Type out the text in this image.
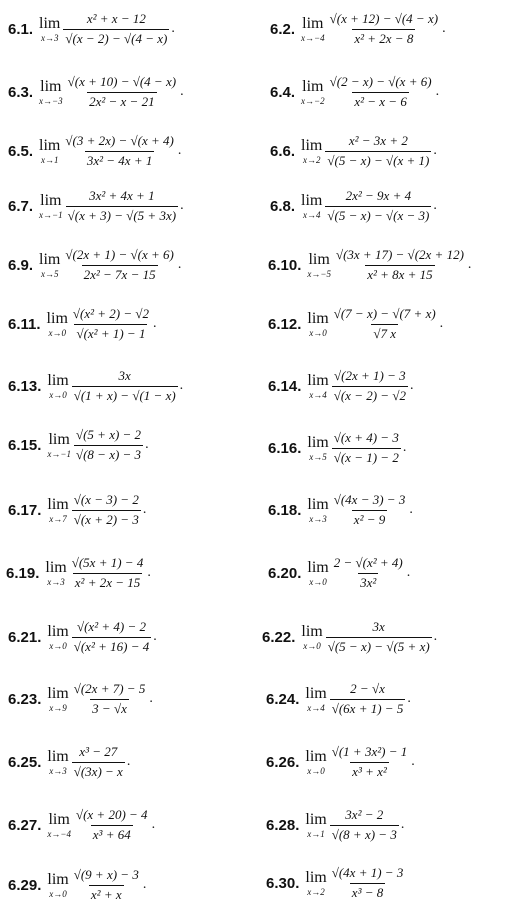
6.1. lim
$x\to 3 \frac{\text{x² + x − 12}}{√(x - 2) - √(4 - x)}$ .
6.3. lim
$x\to-3 \frac{√(x + 10) - √(4 - x)}{\text{2x² − x − 21}}$ .
6.5. lim
$x\to 1 \frac{√(3 + 2x) - √(x + 4)}{\text{3x² − 4x + 1}}$ .
6.7. lim
$x\to-1 \frac{\text{3x² + 4x + 1}}{√(x + 3) - √(5 + 3x)}$ .
6.9. lim
$x\to 5 \frac{√(2x + 1) - √(x + 6)}{\text{2x² − 7x − 15}}$ .
6.11. lim
$x\to 0 \frac{\text{√(x² + 2) − √2}}{\text{√(x² + 1) − 1}}$ .
6.13. lim
$x\to 0 \frac{3x}{√(1 + x) - √(1 - x)}$ .
6.15. lim
$x\to-1 \frac{√(5 + x) - 2}{√(8 - x) - 3}$ .
6.17. lim
$x\to 7 \frac{√(x - 3) - 2}{√(x + 2) - 3}$ .
6.19. lim
$x\to 3 \frac{√(5x + 1) - 4}{\text{x² + 2x − 15}}$ .
6.21. lim
$x\to 0 \frac{\text{√(x² + 4) − 2}}{\text{√(x² + 16) − 4}}$ .
6.23. lim
$x\to 9 \frac{√(2x + 7) - 5}{3 - √x}$ .
6.25. lim
$x\to 3 \frac{\text{x³ − 27}}{√(3x) - x}$ .
6.27. lim
$x\to-4 \frac{√(x + 20) - 4}{\text{x³ + 64}}$ .
6.29. lim
$x\to 0 \frac{√(9 + x) - 3}{\text{x² + x}}$ .
6.2. lim
$x\to-4 \frac{√(x + 12) - √(4 - x)}{\text{x² + 2x − 8}}$ .
6.4. lim
$x\to-2 \frac{√(2 - x) - √(x + 6)}{\text{x² − x − 6}}$ .
6.6. lim
$x\to 2 \frac{\text{x² − 3x + 2}}{√(5 - x) - √(x + 1)}$ .
6.8. lim
$x\to 4 \frac{\text{2x² − 9x + 4}}{√(5 - x) - √(x - 3)}$ .
6.10. lim
$x\to-5 \frac{√(3x + 17) - √(2x + 12)}{\text{x² + 8x + 15}}$ .
6.12. lim
$x\to 0 \frac{√(7 - x) - √(7 + x)}{√7 x}$ .
6.14. lim
$x\to 4 \frac{√(2x + 1) - 3}{√(x - 2) - √2}$ .
6.16. lim
$x\to 5 \frac{√(x + 4) - 3}{√(x - 1) - 2}$ .
6.18. lim
$x\to 3 \frac{√(4x - 3) - 3}{\text{x² − 9}}$ .
6.20. lim
$x\to 0 \frac{\text{2 − √(x² + 4)}}{\text{3x²}}$ .
6.22. lim
$x\to 0 \frac{3x}{√(5 - x) - √(5 + x)}$ .
6.24. lim
$x\to 4 \frac{2 - √x}{√(6x + 1) - 5}$ .
6.26. lim
$x\to 0 \frac{\text{√(1 + 3x²) − 1}}{\text{x³ + x²}}$ .
6.28. lim
$x\to 1 \frac{\text{3x² − 2}}{√(8 + x) - 3}$ .
6.30. lim
$x\to 2 \frac{√(4x + 1) - 3}{\text{x³ − 8}}$
